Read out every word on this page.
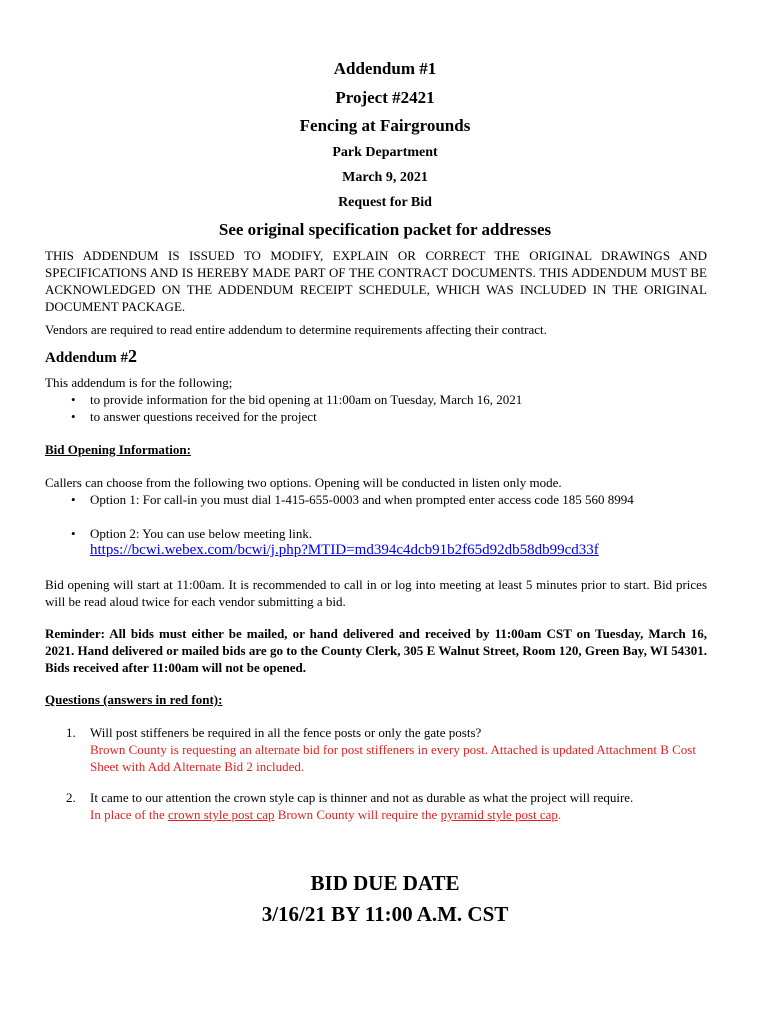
Addendum #1
Project #2421
Fencing at Fairgrounds
Park Department
March 9, 2021
Request for Bid
See original specification packet for addresses
THIS ADDENDUM IS ISSUED TO MODIFY, EXPLAIN OR CORRECT THE ORIGINAL DRAWINGS AND SPECIFICATIONS AND IS HEREBY MADE PART OF THE CONTRACT DOCUMENTS. THIS ADDENDUM MUST BE ACKNOWLEDGED ON THE ADDENDUM RECEIPT SCHEDULE, WHICH WAS INCLUDED IN THE ORIGINAL DOCUMENT PACKAGE.
Vendors are required to read entire addendum to determine requirements affecting their contract.
Addendum #2
This addendum is for the following;
• to provide information for the bid opening at 11:00am on Tuesday, March 16, 2021
• to answer questions received for the project
Bid Opening Information:
Callers can choose from the following two options. Opening will be conducted in listen only mode.
• Option 1: For call-in you must dial 1-415-655-0003 and when prompted enter access code 185 560 8994
• Option 2: You can use below meeting link.
https://bcwi.webex.com/bcwi/j.php?MTID=md394c4dcb91b2f65d92db58db99cd33f
Bid opening will start at 11:00am. It is recommended to call in or log into meeting at least 5 minutes prior to start. Bid prices will be read aloud twice for each vendor submitting a bid.
Reminder: All bids must either be mailed, or hand delivered and received by 11:00am CST on Tuesday, March 16, 2021. Hand delivered or mailed bids are go to the County Clerk, 305 E Walnut Street, Room 120, Green Bay, WI 54301. Bids received after 11:00am will not be opened.
Questions (answers in red font):
1. Will post stiffeners be required in all the fence posts or only the gate posts?
Brown County is requesting an alternate bid for post stiffeners in every post. Attached is updated Attachment B Cost Sheet with Add Alternate Bid 2 included.
2. It came to our attention the crown style cap is thinner and not as durable as what the project will require.
In place of the crown style post cap Brown County will require the pyramid style post cap.
BID DUE DATE
3/16/21 BY 11:00 A.M. CST
